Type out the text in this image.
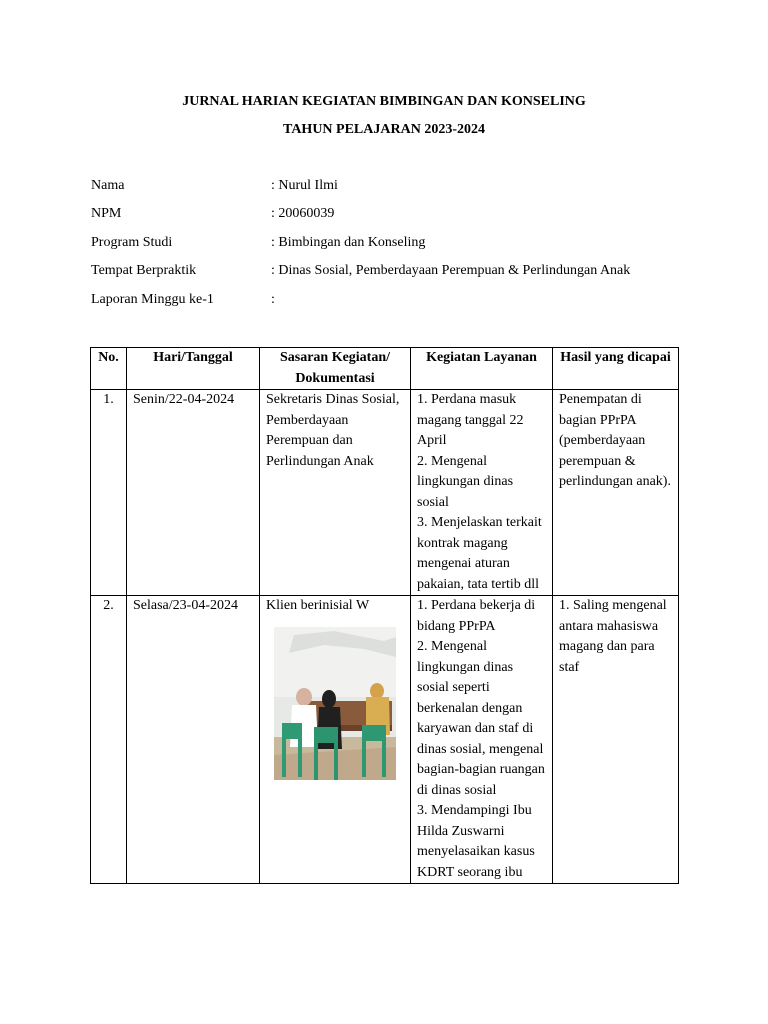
JURNAL HARIAN KEGIATAN BIMBINGAN DAN KONSELING
TAHUN PELAJARAN 2023-2024
Nama	: Nurul Ilmi
NPM	: 20060039
Program Studi	: Bimbingan dan Konseling
Tempat Berpraktik	: Dinas Sosial, Pemberdayaan Perempuan & Perlindungan Anak
Laporan Minggu ke-1	:
No.	Hari/Tanggal	Sasaran Kegiatan/ Dokumentasi	Kegiatan Layanan	Hasil yang dicapai
1.	Senin/22-04-2024	Sekretaris Dinas Sosial, Pemberdayaan Perempuan dan Perlindungan Anak	1. Perdana masuk magang tanggal 22 April
2. Mengenal lingkungan dinas sosial
3. Menjelaskan terkait kontrak magang mengenai aturan pakaian, tata tertib dll	Penempatan di bagian PPrPA (pemberdayaan perempuan & perlindungan anak).
2.	Selasa/23-04-2024	Klien berinisial W	1. Perdana bekerja di bidang PPrPA
2. Mengenal lingkungan dinas sosial seperti berkenalan dengan karyawan dan staf di dinas sosial, mengenal bagian-bagian ruangan di dinas sosial
3. Mendampingi Ibu Hilda Zuswarni menyelasaikan kasus KDRT seorang ibu	1. Saling mengenal antara mahasiswa magang dan para staf
